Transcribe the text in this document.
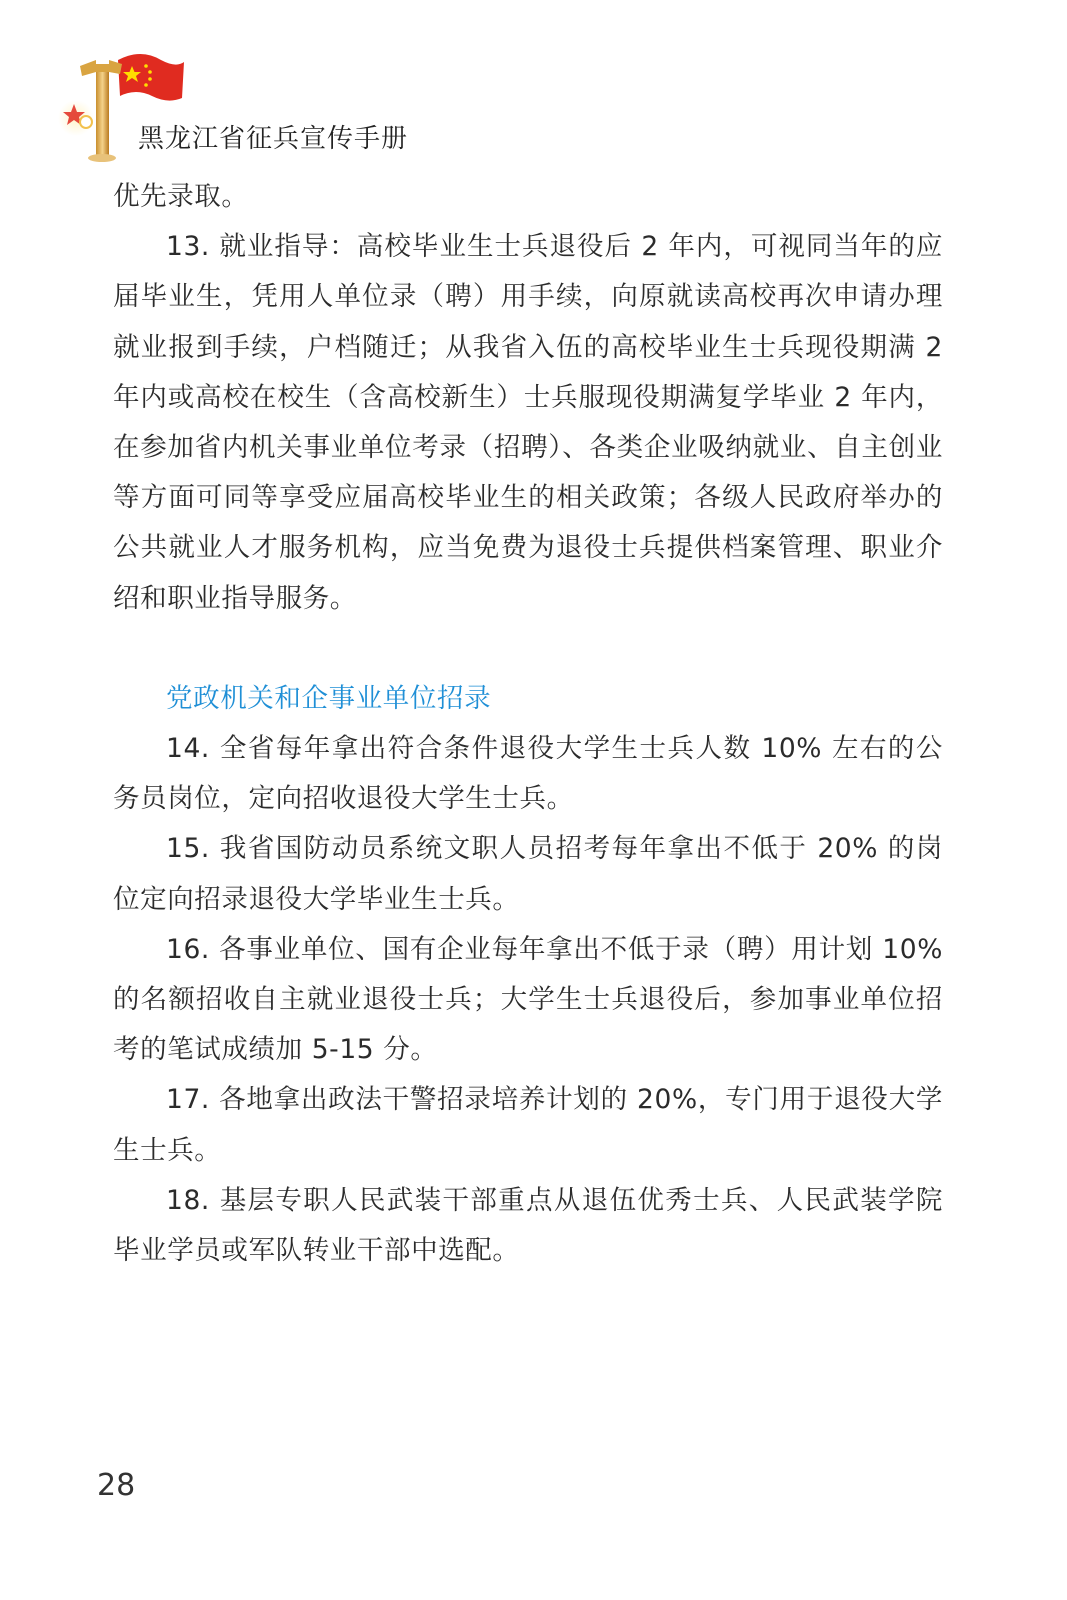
黑龙江省征兵宣传手册

优先录取。

13. 就业指导：高校毕业生士兵退役后 2 年内，可视同当年的应届毕业生，凭用人单位录（聘）用手续，向原就读高校再次申请办理就业报到手续，户档随迁；从我省入伍的高校毕业生士兵现役期满 2 年内或高校在校生（含高校新生）士兵服现役期满复学毕业 2 年内，在参加省内机关事业单位考录（招聘）、各类企业吸纳就业、自主创业等方面可同等享受应届高校毕业生的相关政策；各级人民政府举办的公共就业人才服务机构，应当免费为退役士兵提供档案管理、职业介绍和职业指导服务。

党政机关和企事业单位招录

14. 全省每年拿出符合条件退役大学生士兵人数 10% 左右的公务员岗位，定向招收退役大学生士兵。

15. 我省国防动员系统文职人员招考每年拿出不低于 20% 的岗位定向招录退役大学毕业生士兵。

16. 各事业单位、国有企业每年拿出不低于录（聘）用计划 10% 的名额招收自主就业退役士兵；大学生士兵退役后，参加事业单位招考的笔试成绩加 5-15 分。

17. 各地拿出政法干警招录培养计划的 20%，专门用于退役大学生士兵。

18. 基层专职人民武装干部重点从退伍优秀士兵、人民武装学院毕业学员或军队转业干部中选配。

28
